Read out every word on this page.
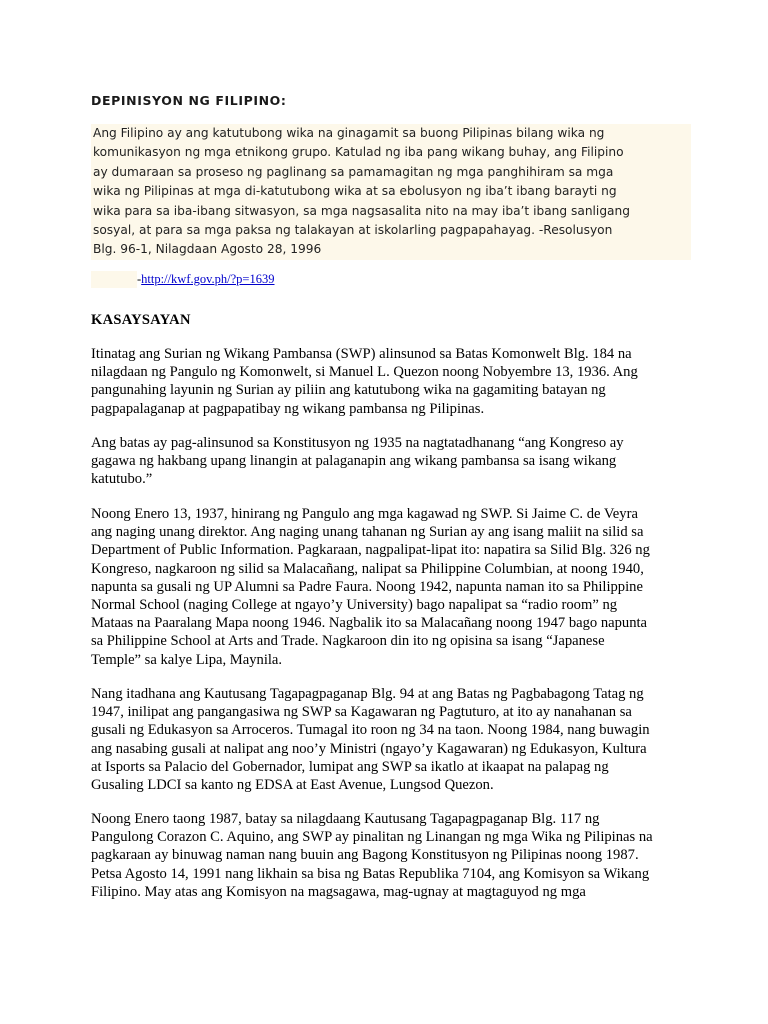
DEPINISYON NG FILIPINO:
Ang Filipino ay ang katutubong wika na ginagamit sa buong Pilipinas bilang wika ng
komunikasyon ng mga etnikong grupo. Katulad ng iba pang wikang buhay, ang Filipino
ay dumaraan sa proseso ng paglinang sa pamamagitan ng mga panghihiram sa mga
wika ng Pilipinas at mga di-katutubong wika at sa ebolusyon ng iba’t ibang barayti ng
wika para sa iba-ibang sitwasyon, sa mga nagsasalita nito na may iba’t ibang sanligang
sosyal, at para sa mga paksa ng talakayan at iskolarling pagpapahayag. -Resolusyon
Blg. 96-1, Nilagdaan Agosto 28, 1996
-http://kwf.gov.ph/?p=1639
KASAYSAYAN
Itinatag ang Surian ng Wikang Pambansa (SWP) alinsunod sa Batas Komonwelt Blg. 184 na
nilagdaan ng Pangulo ng Komonwelt, si Manuel L. Quezon noong Nobyembre 13, 1936. Ang
pangunahing layunin ng Surian ay piliin ang katutubong wika na gagamiting batayan ng
pagpapalaganap at pagpapatibay ng wikang pambansa ng Pilipinas.
Ang batas ay pag-alinsunod sa Konstitusyon ng 1935 na nagtatadhanang “ang Kongreso ay
gagawa ng hakbang upang linangin at palaganapin ang wikang pambansa sa isang wikang
katutubo.”
Noong Enero 13, 1937, hinirang ng Pangulo ang mga kagawad ng SWP. Si Jaime C. de Veyra
ang naging unang direktor. Ang naging unang tahanan ng Surian ay ang isang maliit na silid sa
Department of Public Information. Pagkaraan, nagpalipat-lipat ito: napatira sa Silid Blg. 326 ng
Kongreso, nagkaroon ng silid sa Malacañang, nalipat sa Philippine Columbian, at noong 1940,
napunta sa gusali ng UP Alumni sa Padre Faura. Noong 1942, napunta naman ito sa Philippine
Normal School (naging College at ngayo’y University) bago napalipat sa “radio room” ng
Mataas na Paaralang Mapa noong 1946. Nagbalik ito sa Malacañang noong 1947 bago napunta
sa Philippine School at Arts and Trade. Nagkaroon din ito ng opisina sa isang “Japanese
Temple” sa kalye Lipa, Maynila.
Nang itadhana ang Kautusang Tagapagpaganap Blg. 94 at ang Batas ng Pagbabagong Tatag ng
1947, inilipat ang pangangasiwa ng SWP sa Kagawaran ng Pagtuturo, at ito ay nanahanan sa
gusali ng Edukasyon sa Arroceros. Tumagal ito roon ng 34 na taon. Noong 1984, nang buwagin
ang nasabing gusali at nalipat ang noo’y Ministri (ngayo’y Kagawaran) ng Edukasyon, Kultura
at Isports sa Palacio del Gobernador, lumipat ang SWP sa ikatlo at ikaapat na palapag ng
Gusaling LDCI sa kanto ng EDSA at East Avenue, Lungsod Quezon.
Noong Enero taong 1987, batay sa nilagdaang Kautusang Tagapagpaganap Blg. 117 ng
Pangulong Corazon C. Aquino, ang SWP ay pinalitan ng Linangan ng mga Wika ng Pilipinas na
pagkaraan ay binuwag naman nang buuin ang Bagong Konstitusyon ng Pilipinas noong 1987.
Petsa Agosto 14, 1991 nang likhain sa bisa ng Batas Republika 7104, ang Komisyon sa Wikang
Filipino. May atas ang Komisyon na magsagawa, mag-ugnay at magtaguyod ng mga
